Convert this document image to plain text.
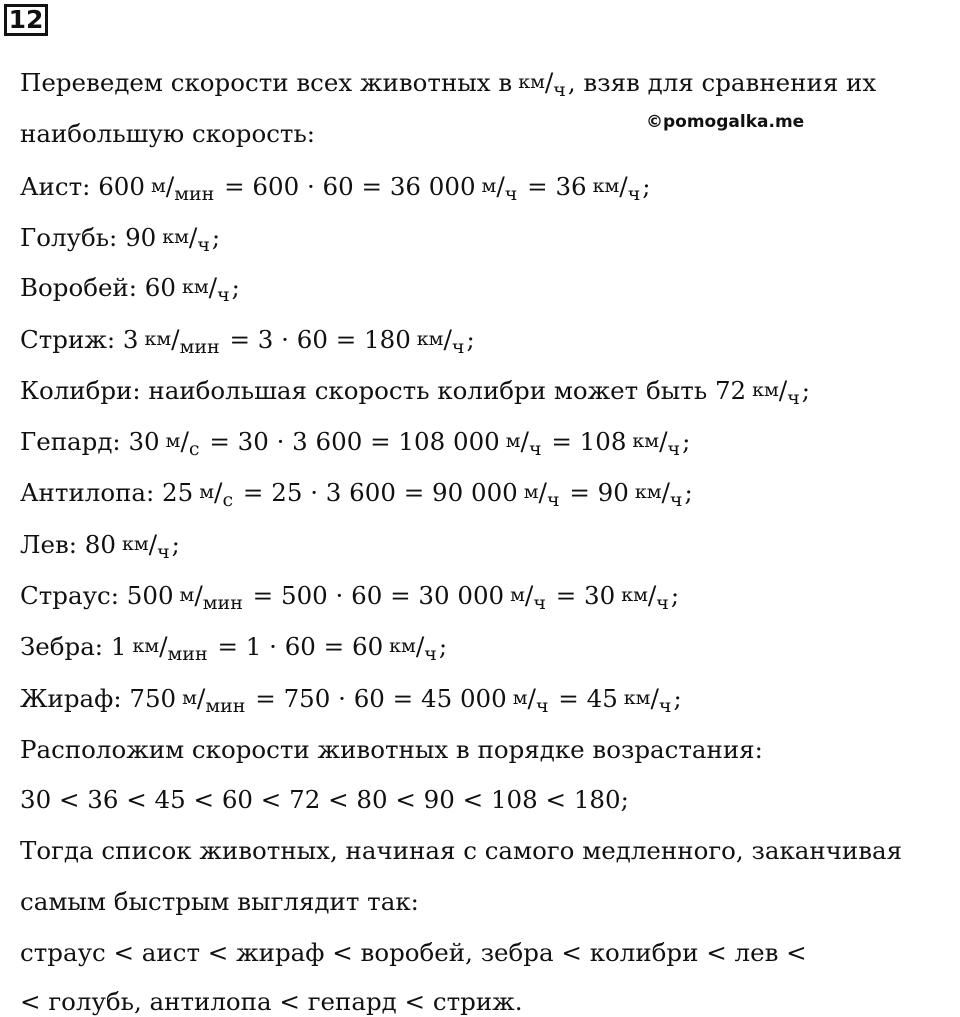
12
©pomogalka.me
Переведем скорости всех животных в $^{км}/_ч$, взяв для сравнения их
наибольшую скорость:
Аист: 600 $^м/_{мин} = 600 \cdot 60 = 36$ 000 $^м/_ч = 36$ $^{км}/_ч$;
Голубь: 90 $^{км}/_ч$;
Воробей: 60 $^{км}/_ч$;
Стриж: 3 $^{км}/_{мин} = 3 \cdot 60 = 180$ $^{км}/_ч$;
Колибри: наибольшая скорость колибри может быть 72 $^{км}/_ч$;
Гепард: 30 $^м/_с = 30 \cdot 3$ 600 = 108 000 $^м/_ч = 108$ $^{км}/_ч$;
Антилопа: 25 $^м/_с = 25 \cdot 3$ 600 = 90 000 $^м/_ч = 90$ $^{км}/_ч$;
Лев: 80 $^{км}/_ч$;
Страус: 500 $^м/_{мин} = 500 \cdot 60 = 30$ 000 $^м/_ч = 30$ $^{км}/_ч$;
Зебра: 1 $^{км}/_{мин} = 1 \cdot 60 = 60$ $^{км}/_ч$;
Жираф: 750 $^м/_{мин} = 750 \cdot 60 = 45$ 000 $^м/_ч = 45$ $^{км}/_ч$;
Расположим скорости животных в порядке возрастания:
30 < 36 < 45 < 60 < 72 < 80 < 90 < 108 < 180;
Тогда список животных, начиная с самого медленного, заканчивая
самым быстрым выглядит так:
страус < аист < жираф < воробей, зебра < колибри < лев <
< голубь, антилопа < гепард < стриж.
